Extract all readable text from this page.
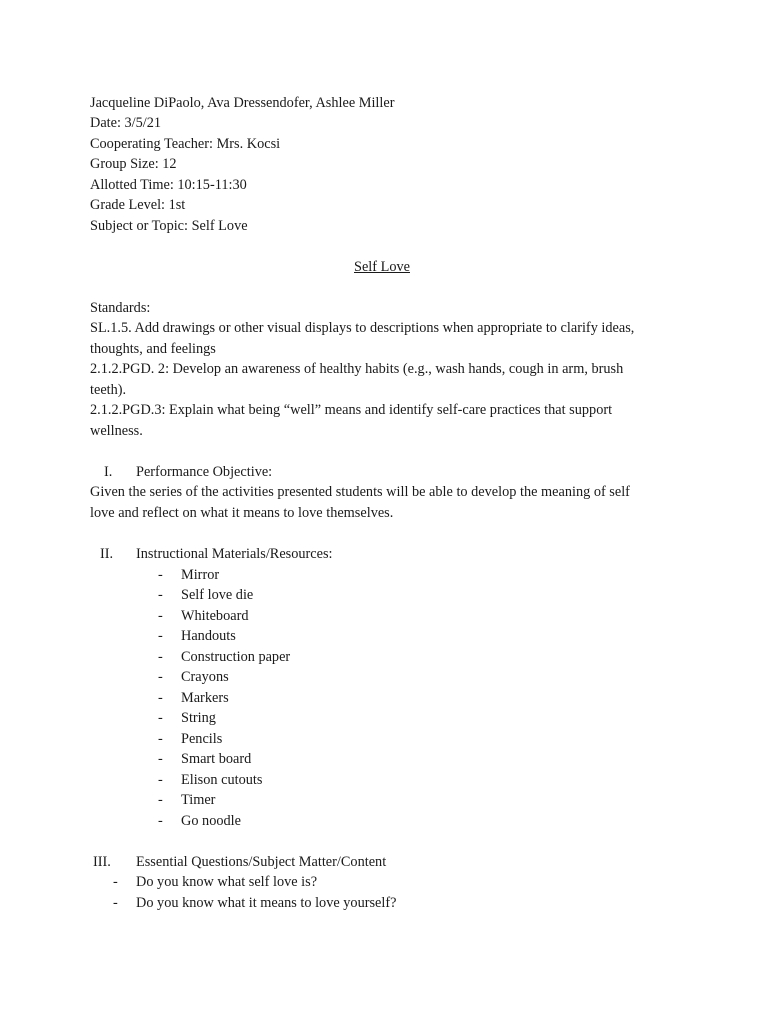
Jacqueline DiPaolo, Ava Dressendofer, Ashlee Miller
Date: 3/5/21
Cooperating Teacher: Mrs. Kocsi
Group Size: 12
Allotted Time: 10:15-11:30
Grade Level: 1st
Subject or Topic: Self Love
Self Love
Standards:
SL.1.5. Add drawings or other visual displays to descriptions when appropriate to clarify ideas,
thoughts, and feelings
2.1.2.PGD. 2: Develop an awareness of healthy habits (e.g., wash hands, cough in arm, brush
teeth).
2.1.2.PGD.3: Explain what being “well” means and identify self-care practices that support
wellness.
I. Performance Objective:
Given the series of the activities presented students will be able to develop the meaning of self
love and reflect on what it means to love themselves.
II. Instructional Materials/Resources:
- Mirror
- Self love die
- Whiteboard
- Handouts
- Construction paper
- Crayons
- Markers
- String
- Pencils
- Smart board
- Elison cutouts
- Timer
- Go noodle
III. Essential Questions/Subject Matter/Content
- Do you know what self love is?
- Do you know what it means to love yourself?
